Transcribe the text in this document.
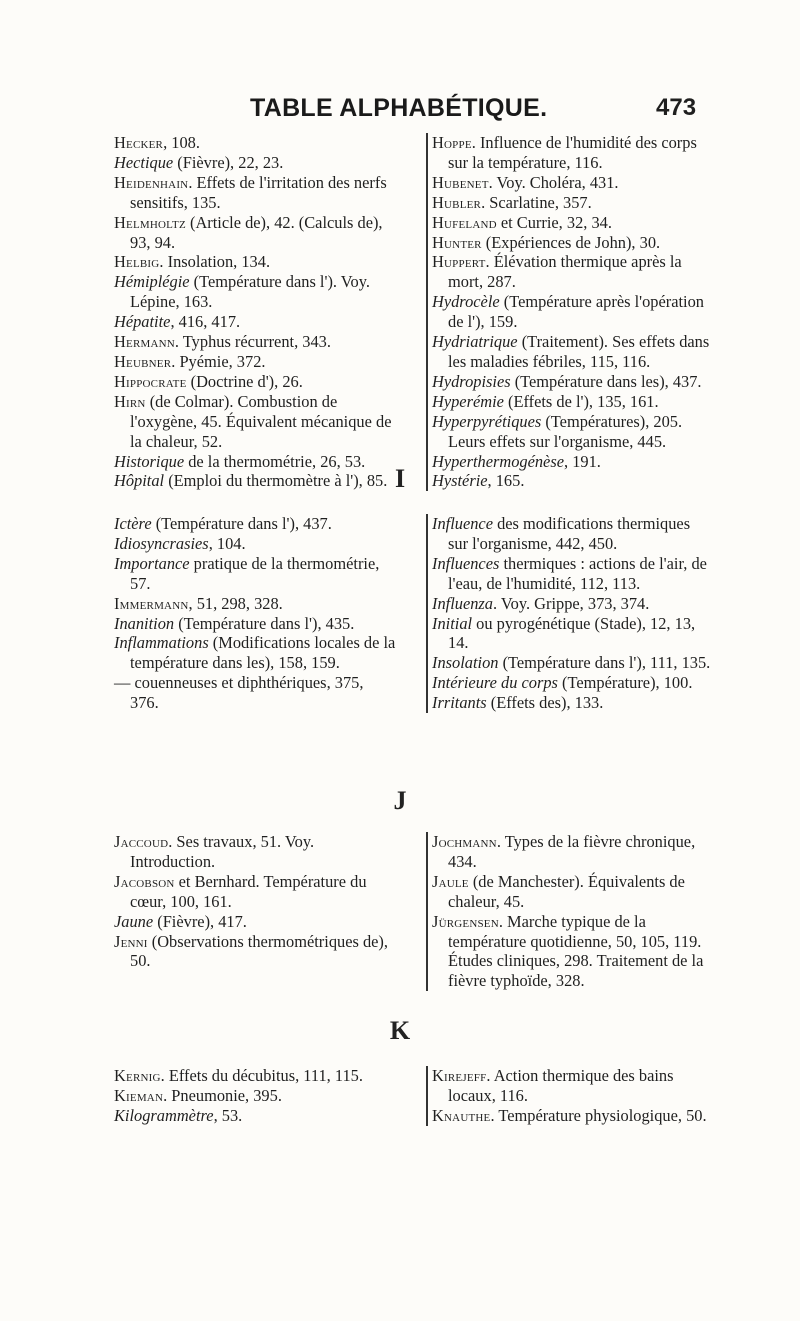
TABLE ALPHABÉTIQUE.	473
Hecker, 108.
Hectique (Fièvre), 22, 23.
Heidenhain. Effets de l'irritation des nerfs sensitifs, 135.
Helmholtz (Article de), 42. (Calculs de), 93, 94.
Helbig. Insolation, 134.
Hémiplégie (Température dans l'). Voy. Lépine, 163.
Hépatite, 416, 417.
Hermann. Typhus récurrent, 343.
Heubner. Pyémie, 372.
Hippocrate (Doctrine d'), 26.
Hirn (de Colmar). Combustion de l'oxygène, 45. Équivalent mécanique de la chaleur, 52.
Historique de la thermométrie, 26, 53.
Hôpital (Emploi du thermomètre à l'), 85.
Hoppe. Influence de l'humidité des corps sur la température, 116.
Hubenet. Voy. Choléra, 431.
Hubler. Scarlatine, 357.
Hufeland et Currie, 32, 34.
Hunter (Expériences de John), 30.
Huppert. Élévation thermique après la mort, 287.
Hydrocèle (Température après l'opération de l'), 159.
Hydriatrique (Traitement). Ses effets dans les maladies fébriles, 115, 116.
Hydropisies (Température dans les), 437.
Hyperémie (Effets de l'), 135, 161.
Hyperpyrétiques (Températures), 205. Leurs effets sur l'organisme, 445.
Hyperthermogénèse, 191.
Hystérie, 165.
I
Ictère (Température dans l'), 437.
Idiosyncrasies, 104.
Importance pratique de la thermométrie, 57.
Immermann, 51, 298, 328.
Inanition (Température dans l'), 435.
Inflammations (Modifications locales de la température dans les), 158, 159.
— couenneuses et diphthériques, 375, 376.
Influence des modifications thermiques sur l'organisme, 442, 450.
Influences thermiques : actions de l'air, de l'eau, de l'humidité, 112, 113.
Influenza. Voy. Grippe, 373, 374.
Initial ou pyrogénétique (Stade), 12, 13, 14.
Insolation (Température dans l'), 111, 135.
Intérieure du corps (Température), 100.
Irritants (Effets des), 133.
J
Jaccoud. Ses travaux, 51. Voy. Introduction.
Jacobson et Bernhard. Température du cœur, 100, 161.
Jaune (Fièvre), 417.
Jenni (Observations thermométriques de), 50.
Jochmann. Types de la fièvre chronique, 434.
Jaule (de Manchester). Équivalents de chaleur, 45.
Jürgensen. Marche typique de la température quotidienne, 50, 105, 119. Études cliniques, 298. Traitement de la fièvre typhoïde, 328.
K
Kernig. Effets du décubitus, 111, 115.
Kieman. Pneumonie, 395.
Kilogrammètre, 53.
Kirejeff. Action thermique des bains locaux, 116.
Knauthe. Température physiologique, 50.
